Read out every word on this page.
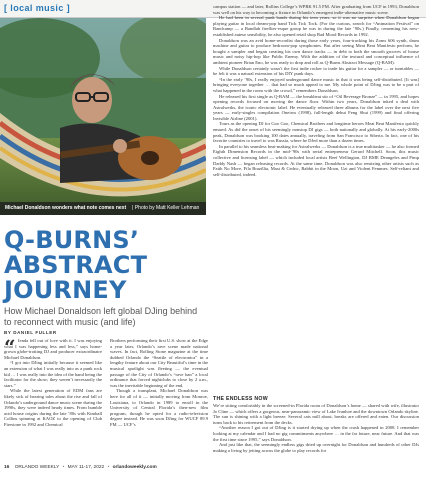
[ local music ]
Michael Donaldson wonders what note comes next | Photo by Matt Keller Lehman
Q-BURNS’
ABSTRACT
JOURNEY
How Michael Donaldson left global DJing behind to reconnect with music (and life)
BY DANIEL FULLER
“ Ienda fell out of love with it. I was enjoying what I was happening less and less,” says home-grown globe-trotting DJ and producer extraordinaire Michael Donaldson.

“I got into DJing initially because it seemed like an extension of what I was really into as a punk rock kid … I was really into the idea of the band being the facilitator for the show; they weren’t necessarily the stars.”

While the latest generation of EDM fans are likely sick of hearing tales about the rise and fall of Orlando’s underground dance music scene during the 1990s, they were indeed heady times. From humble acid house origins during the late ’80s with Kimball Collins spinning at KAOZ to the opening of Club Firestone in 1992 and Chemical

Brothers performing their first U.S. show at the Edge a year later, Orlando’s rave scene made national waves. In fact, Rolling Stone magazine at the time dubbed Orlando the “Seattle of electronica” in a lengthy feature about our City Beautiful’s time in the musical spotlight was fleeting — the eventual passage of the City of Orlando’s “rave ban” a local ordinance that forced nightclubs to close by 2 a.m., was the inevitable beginning of the end.

Though a transplant, Michael Donaldson was here for all of it — initially moving from Monroe, Louisiana, to Orlando in 1989 to enroll in the University of Central Florida’s then-new film program, though he opted for a radio-television degree instead. He was soon DJing for WUCF 89.9 FM — UCF’s

campus station — and later, Rollins College’s WPRK 91.5 FM. After graduating from UCF in 1993, Donaldson was well on his way to becoming a fixture in Orlando’s emergent indie-alternative music scene.

He had been in several punk bands during his teen years, so it was no surprise when Donaldson began playing guitar in local dream-pop band Tick Tick Tock. (For the curious, search for “Animation Festival” on Bandcamp — a Bandlab fireflies-esque group he was in during the late ’90s.) Finally, cementing his now-established auteur sensibility, he also opened retail shop Bad Mood Records in 1992.

Donaldson was an avid home-recordist during those early years, four-tracking his Zoms 606 synth, drum machine and guitar to produce bedroom-pop symphonies. But after seeing Meat Beat Manifesto perform, he bought a sampler and began creating his own dance tracks — in debt to both the smooth grooves of house music and noisy hip-hop like Public Enemy. With the addition of the textural and conceptual influence of ambient pioneer Brian Eno, he was ready to drop and roll as Q-Burns Abstract Message (Q-BAM).

While Donaldson certainly wasn’t the first indie rocker to trade his guitar for a sampler — or turntables — he felt it was a natural extension of his DIY punk days.

“In the early ’90s, I really enjoyed underground dance music in that it was being self-distributed. [It was] bringing everyone together … that had so much appeal to me. My whole point of DJing was to be a part of what happened in the room with the crowd,” remembers Donaldson.

He released his first single as Q-BAM — the breakbeat stir of “Oil Beverage Bronze” — in 1995, and hopes opening records focused on moving the dance floor. Within two years, Donaldson inked a deal with Astralwerks, the iconic electronic label. He eventually released three albums for the label over the next five years — early-singles compilation Oneiros (1998), full-length debut Feng Shui (1999) and final offering Invisible Airline (2001).

Tours as the opening DJ for Goo Goo, Chemical Brothers and longtime heroes Meat Beat Manifesto quickly ensued. As did the onset of his seemingly nonstop DJ gigs — both nationally and globally. At his early-2000s peak, Donaldson was booking 100 dates annually, traveling from San Francisco to Siberia. In fact, one of his favorite countries to travel to was Russia, where he DJed more than a dozen times.

In parallel to his seamless beat-making for Astralwerks — Donaldson is a true multitasker — he also formed Eighth Dimension Records in the mid-’90s with serial entrepreneur Gerard Mitchell. Soon, this music collective and licensing label — which included local artists Beef Wellington, DJ BME Deangeles and Pimp Daddy Nash — began releasing records. At the same time, Donaldson was also remixing other artists such as Faith No More, Fila Brazillia, Mast & Cedric, Rabbit in the Moon, Uzi and Violent Femmes. Self-reliant and self-distributed, indeed.

THE ENDLESS NOW

We’re sitting comfortably in the screened-in Florida room of Donaldson’s home — shared with wife, illustrator Jo Cline — which offers a gorgeous, near-panoramic view of Lake Ivanhoe and the downtown Orlando skyline. The sun is shining with a light breeze. Several cats mill about, breaks are offered and eaten. Our discussion turns back to his retirement from the decks.

“Another reason I got out of DJing is it started drying up when the crash happened in 2008. I remember looking at my calendar and I had no gig commitments anywhere … in the far future, near future. And that was the first time since 1995,” says Donaldson.

And just like that, the seemingly endless gigs dried up overnight for Donaldson and hundreds of other DJs making a living by jetting across the globe to play records for

16 ORLANDO WEEKLY • MAY 11-17, 2022 • orlandoweekly.com
